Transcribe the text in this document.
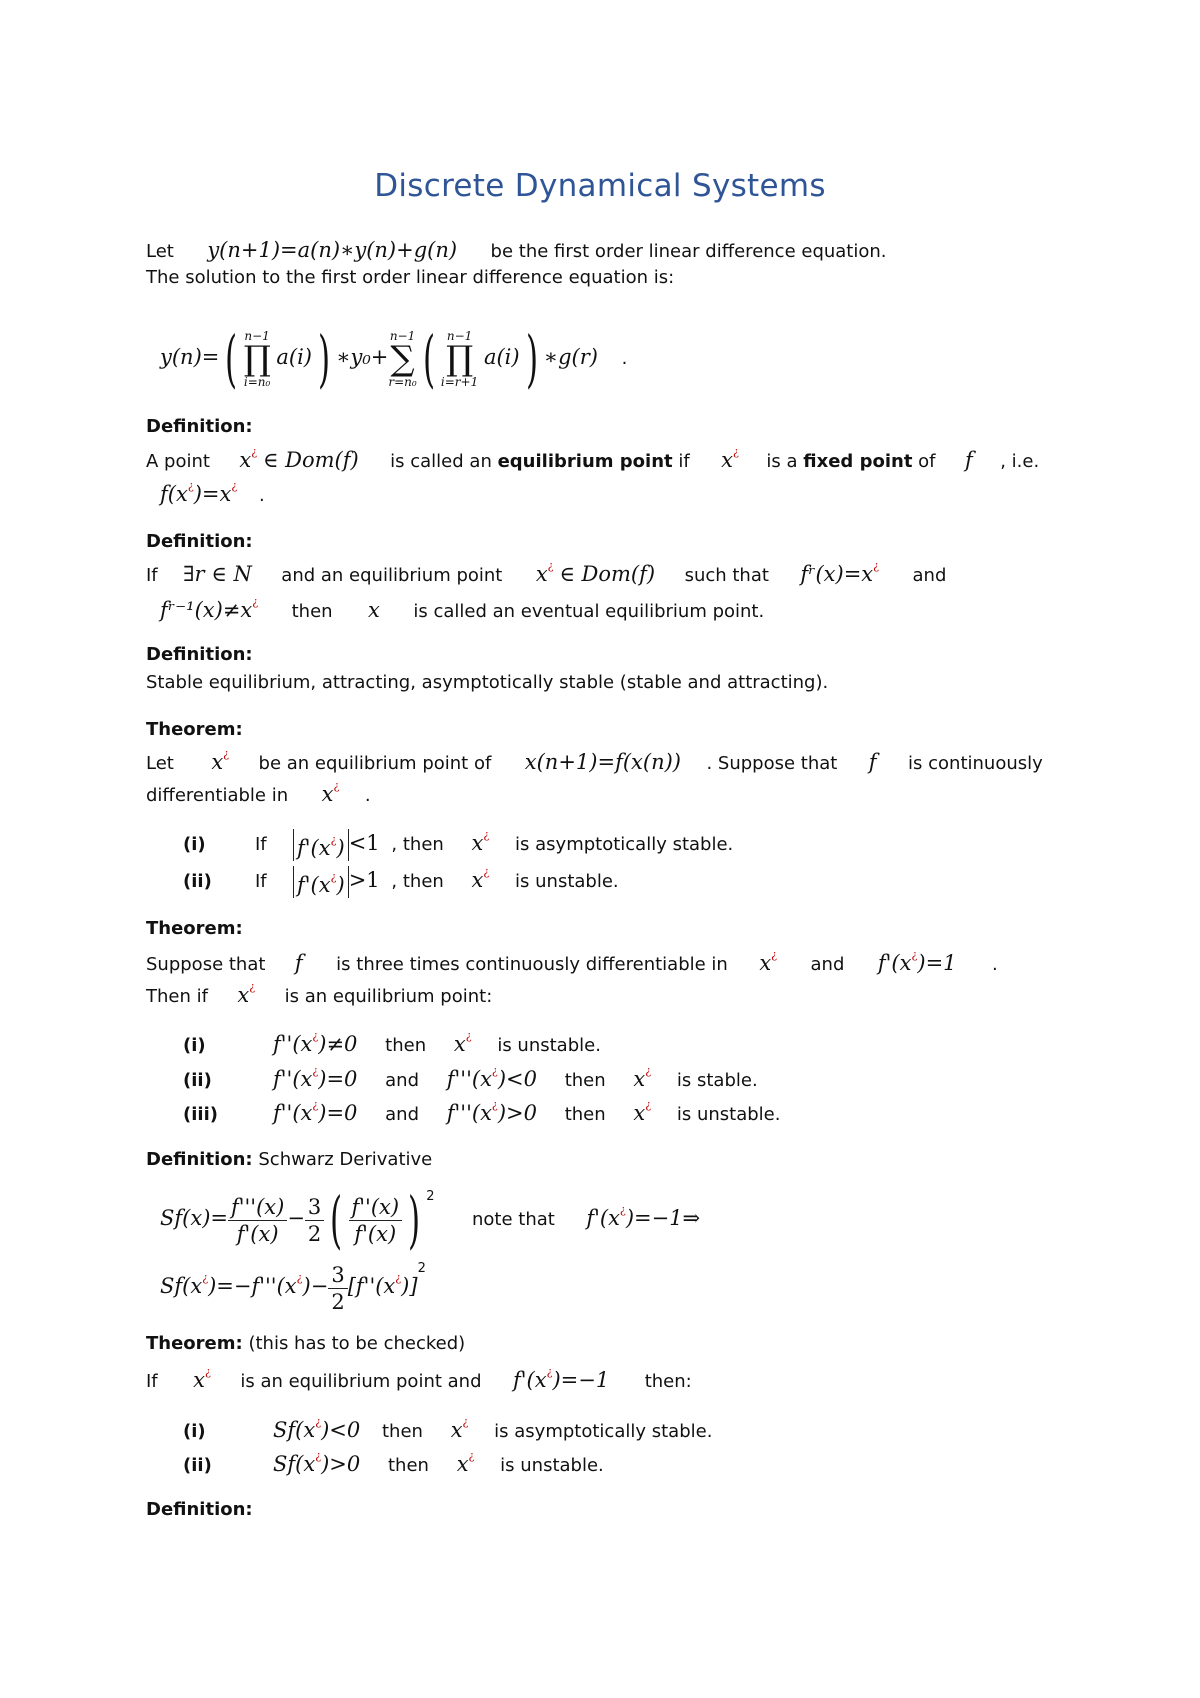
Discrete Dynamical Systems
Let y(n+1)=a(n)∗y(n)+g(n) be the first order linear difference equation.
The solution to the first order linear difference equation is:
y(n)=( n−1
∏
i=n₀
a(i)) ∗y₀+
n−1
∑
r=n₀ ( n−1
∏
i=r+1
a(i)) ∗g(r) .
Definition:
A point x¿ ∈ Dom(f) is called an equilibrium point if x¿ is a fixed point of f , i.e.
f(x¿)=x¿ .
Definition:
If ∃r ∈ N and an equilibrium point x¿ ∈ Dom(f) such that fʳ(x)=x¿ and
fʳ⁻¹(x)≠x¿ then x is called an eventual equilibrium point.
Definition:
Stable equilibrium, attracting, asymptotically stable (stable and attracting).
Theorem:
Let x¿ be an equilibrium point of x(n+1)=f(x(n)) . Suppose that f is continuously
differentiable in x¿ .
(i)	If f'(x¿) <1 , then x¿ is asymptotically stable.
(ii) If f'(x¿) >1 , then x¿ is unstable.
Theorem:
Suppose that f is three times continuously differentiable in x¿ and f'(x¿)=1 .
Then if x¿ is an equilibrium point:
(i)	f''(x¿)≠0 then x¿ is unstable.
(ii)	f''(x¿)=0 and f'''(x¿)<0 then x¿ is stable.
(iii)	f''(x¿)=0 and f'''(x¿)>0 then x¿ is unstable.
Definition: Schwarz Derivative
$Sf(x)= \frac{f'''(x)}{f'(x)} - \frac{3}{2}$ ( $\frac{f''(x)}{f'(x)}$ ) $^2$  note that f'(x¿)=−1⇒
$Sf(x^¿)=-f'''(x^¿)- \frac{3}{2} [f''(x^¿)]^2$
Theorem: (this has to be checked)
If x¿ is an equilibrium point and f'(x¿)=−1 then:
(i)	Sf(x¿)<0 then x¿ is asymptotically stable.
(ii)	Sf(x¿)>0 then x¿ is unstable.
Definition:
